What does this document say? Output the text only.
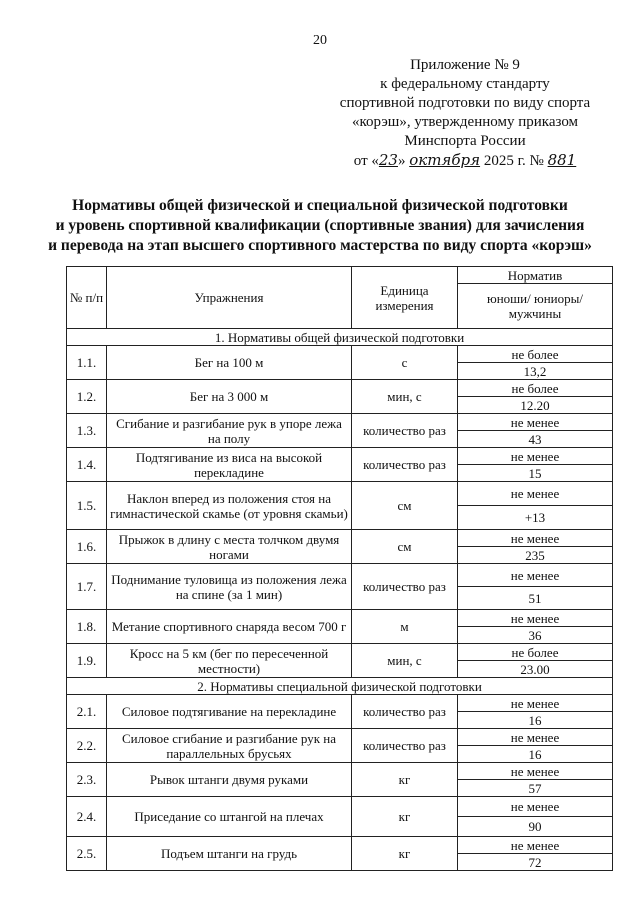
20
Приложение № 9
к федеральному стандарту
спортивной подготовки по виду спорта
«корэш», утвержденному приказом
Минспорта России
от «23» октября 2025 г. № 881
Нормативы общей физической и специальной физической подготовки
и уровень спортивной квалификации (спортивные звания) для зачисления
и перевода на этап высшего спортивного мастерства по виду спорта «корэш»
№ п/п	Упражнения	Единица измерения	Норматив
			юноши/ юниоры/ мужчины
1. Нормативы общей физической подготовки			
1.1.	Бег на 100 м	с	не более
			13,2
1.2.	Бег на 3 000 м	мин, с	не более
			12.20
1.3.	Сгибание и разгибание рук в упоре лежа на полу	количество раз	не менее
			43
1.4.	Подтягивание из виса на высокой перекладине	количество раз	не менее
			15
1.5.	Наклон вперед из положения стоя на гимнастической скамье (от уровня скамьи)	см	не менее
			+13
1.6.	Прыжок в длину с места толчком двумя ногами	см	не менее
			235
1.7.	Поднимание туловища из положения лежа на спине (за 1 мин)	количество раз	не менее
			51
1.8.	Метание спортивного снаряда весом 700 г	м	не менее
			36
1.9.	Кросс на 5 км (бег по пересеченной местности)	мин, с	не более
			23.00
2. Нормативы специальной физической подготовки			
2.1.	Силовое подтягивание на перекладине	количество раз	не менее
			16
2.2.	Силовое сгибание и разгибание рук на параллельных брусьях	количество раз	не менее
			16
2.3.	Рывок штанги двумя руками	кг	не менее
			57
2.4.	Приседание со штангой на плечах	кг	не менее
			90
2.5.	Подъем штанги на грудь	кг	не менее
			72
